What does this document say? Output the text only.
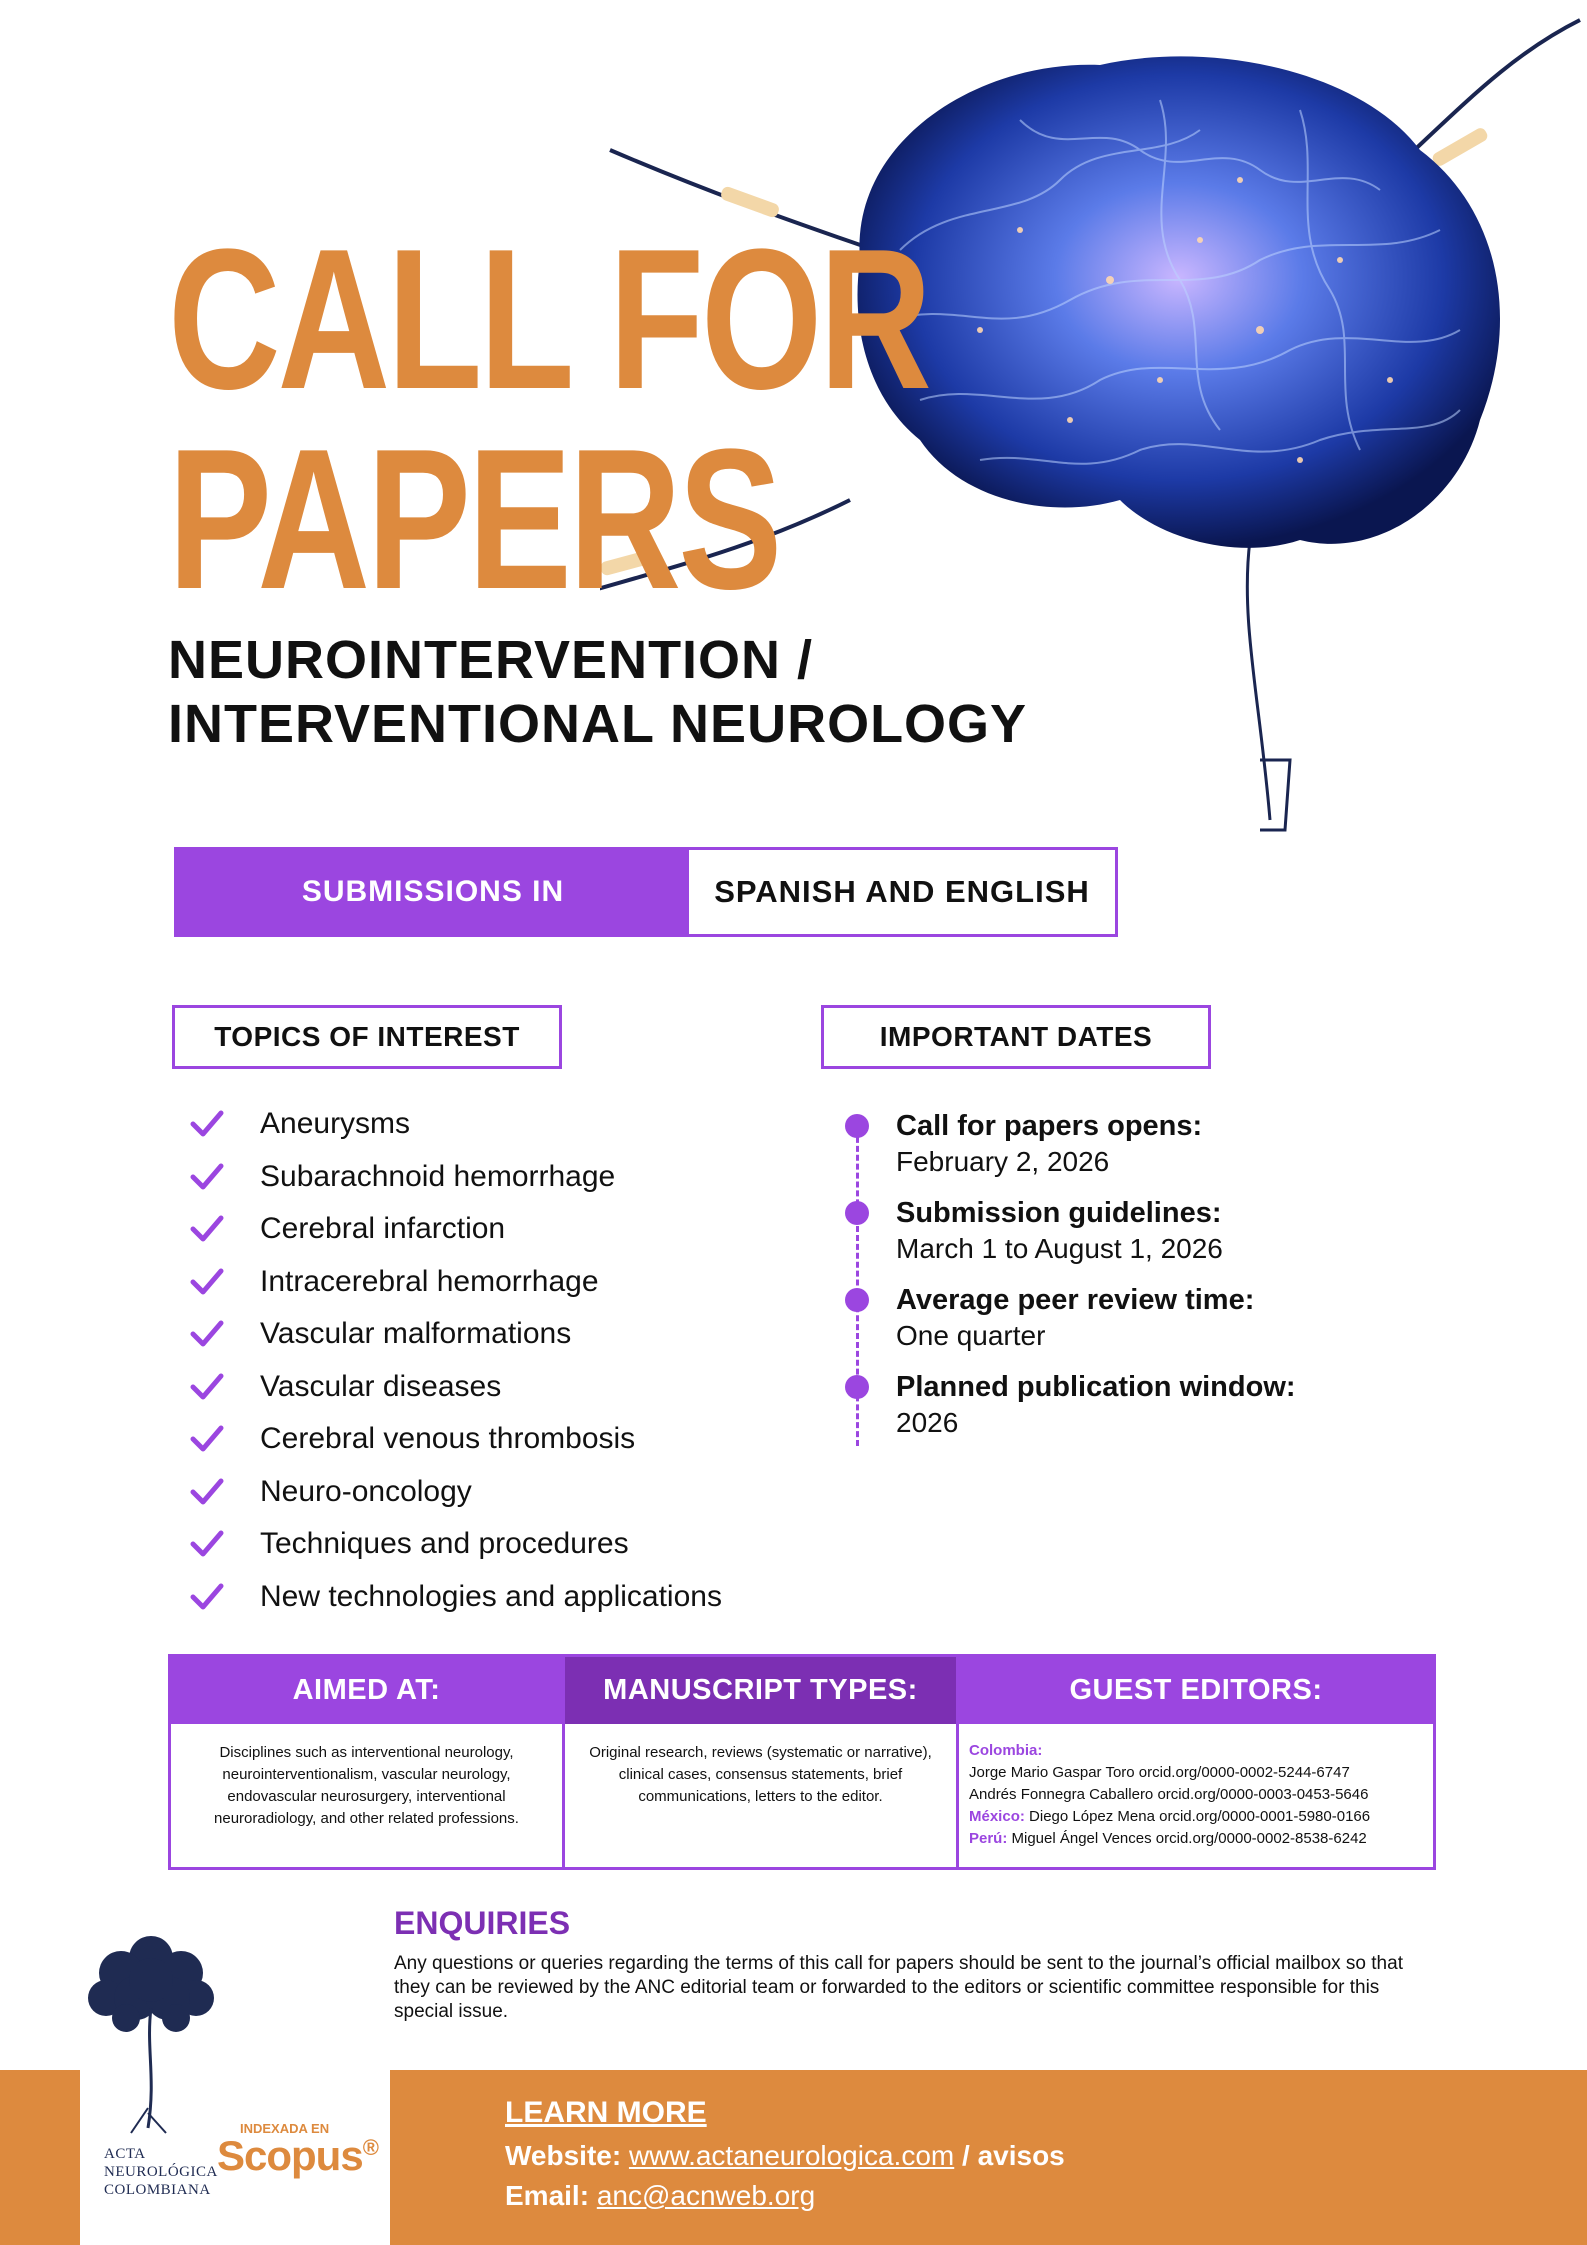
CALL FOR
PAPERS
NEUROINTERVENTION /
INTERVENTIONAL NEUROLOGY
SUBMISSIONS IN	SPANISH AND ENGLISH
TOPICS OF INTEREST	IMPORTANT DATES
Aneurysms
Subarachnoid hemorrhage
Cerebral infarction
Intracerebral hemorrhage
Vascular malformations
Vascular diseases
Cerebral venous thrombosis
Neuro-oncology
Techniques and procedures
New technologies and applications
Call for papers opens:
February 2, 2026
Submission guidelines:
March 1 to August 1, 2026
Average peer review time:
One quarter
Planned publication window:
2026
AIMED AT:
Disciplines such as interventional neurology, neurointerventionalism, vascular neurology, endovascular neurosurgery, interventional neuroradiology, and other related professions.
MANUSCRIPT TYPES:
Original research, reviews (systematic or narrative), clinical cases, consensus statements, brief communications, letters to the editor.
GUEST EDITORS:
Colombia:
Jorge Mario Gaspar Toro orcid.org/0000-0002-5244-6747
Andrés Fonnegra Caballero orcid.org/0000-0003-0453-5646
México: Diego López Mena orcid.org/0000-0001-5980-0166
Perú: Miguel Ángel Vences orcid.org/0000-0002-8538-6242
ENQUIRIES
Any questions or queries regarding the terms of this call for papers should be sent to the journal’s official mailbox so that they can be reviewed by the ANC editorial team or forwarded to the editors or scientific committee responsible for this special issue.
ACTA
NEUROLÓGICA
COLOMBIANA
INDEXADA EN
Scopus®
LEARN MORE
Website: www.actaneurologica.com / avisos
Email: anc@acnweb.org
